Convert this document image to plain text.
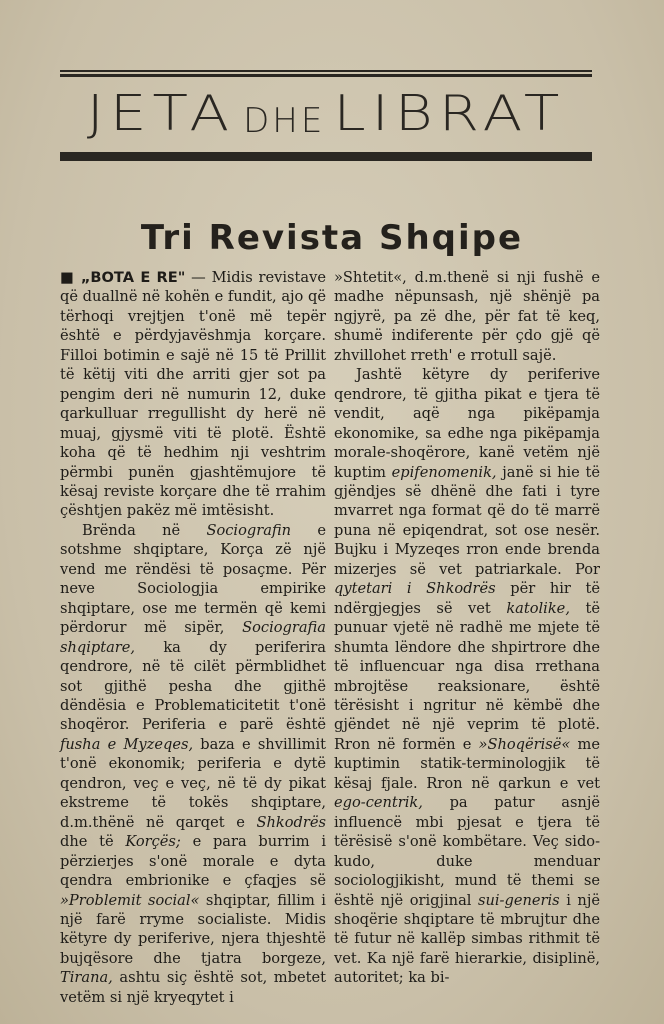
JETA DHE LIBRAT
Tri Revista Shqipe

■ „BOTA E RE" — Midis revistave që duallnë në kohën e fundit, ajo që tërhoqi vrejtjen t'onë më tepër është e përdyjavëshmja korçare. Filloi botimin e sajë në 15 të Prillit të këtij viti dhe arriti gjer sot pa pengim deri në numurin 12, duke qarkulluar rregullisht dy herë në muaj, gjysmë viti të plotë. Është koha që të hedhim nji veshtrim përmbi punën gjashtëmujore të kësaj reviste korçare dhe të rrahim çështjen pakëz më imtësisht.

Brënda në Sociografin e sotshme shqiptare, Korça zë një vend me rëndësi të posaçme. Për neve Sociologjia empirike shqiptare, ose me termën që kemi përdorur më sipër, Sociografia shqiptare, ka dy periferira qendrore, në të cilët përmblidhet sot gjithë pesha dhe gjithë dëndësia e Problematicitetit t'onë shoqëror. Periferia e parë është fusha e Myzeqes, baza e shvillimit t'onë ekonomik; periferia e dytë qendron, veç e veç, në të dy pikat ekstreme të tokës shqiptare, d.m.thënë në qarqet e Shkodrës dhe të Korçës; e para burrim i përzierjes s'onë morale e dyta qendra embrionike e çfaqjes së »Problemit social« shqiptar, fillim i një farë rryme socialiste. Midis këtyre dy periferive, njera thjeshtë bujqësore dhe tjatra borgeze, Tirana, ashtu siç është sot, mbetet vetëm si një kryeqytet i

»Shtetit«, d.m.thenë si nji fushë e madhe nëpunsash, një shënjë pa ngjyrë, pa zë dhe, për fat të keq, shumë indiferente për çdo gjë që zhvillohet rreth' e rrotull sajë.

Jashtë këtyre dy periferive qendrore, të gjitha pikat e tjera të vendit, aqë nga pikëpamja ekonomike, sa edhe nga pikëpamja morale-shoqërore, kanë vetëm një kuptim epifenomenik, janë si hie të gjëndjes së dhënë dhe fati i tyre mvarret nga format që do të marrë puna në epiqendrat, sot ose nesër. Bujku i Myzeqes rron ende brenda mizerjes së vet patriarkale. Por qytetari i Shkodrës për hir të ndërgjegjes së vet katolike, të punuar vjetë në radhë me mjete të shumta lëndore dhe shpirtrore dhe të influencuar nga disa rrethana mbrojtëse reaksionare, është tërësisht i ngritur në këmbë dhe gjëndet në një veprim të plotë. Rron në formën e »Shoqërisë« me kuptimin statik-terminologjik të kësaj fjale. Rron në qarkun e vet ego-centrik, pa patur asnjë influencë mbi pjesat e tjera të tërësisë s'onë kombëtare. Veç sido-kudo, duke menduar sociologjikisht, mund të themi se është një origjinal sui-generis i një shoqërie shqiptare të mbrujtur dhe të futur në kallëp simbas rithmit të vet. Ka një farë hierarkie, disiplinë, autoritet; ka bi-
